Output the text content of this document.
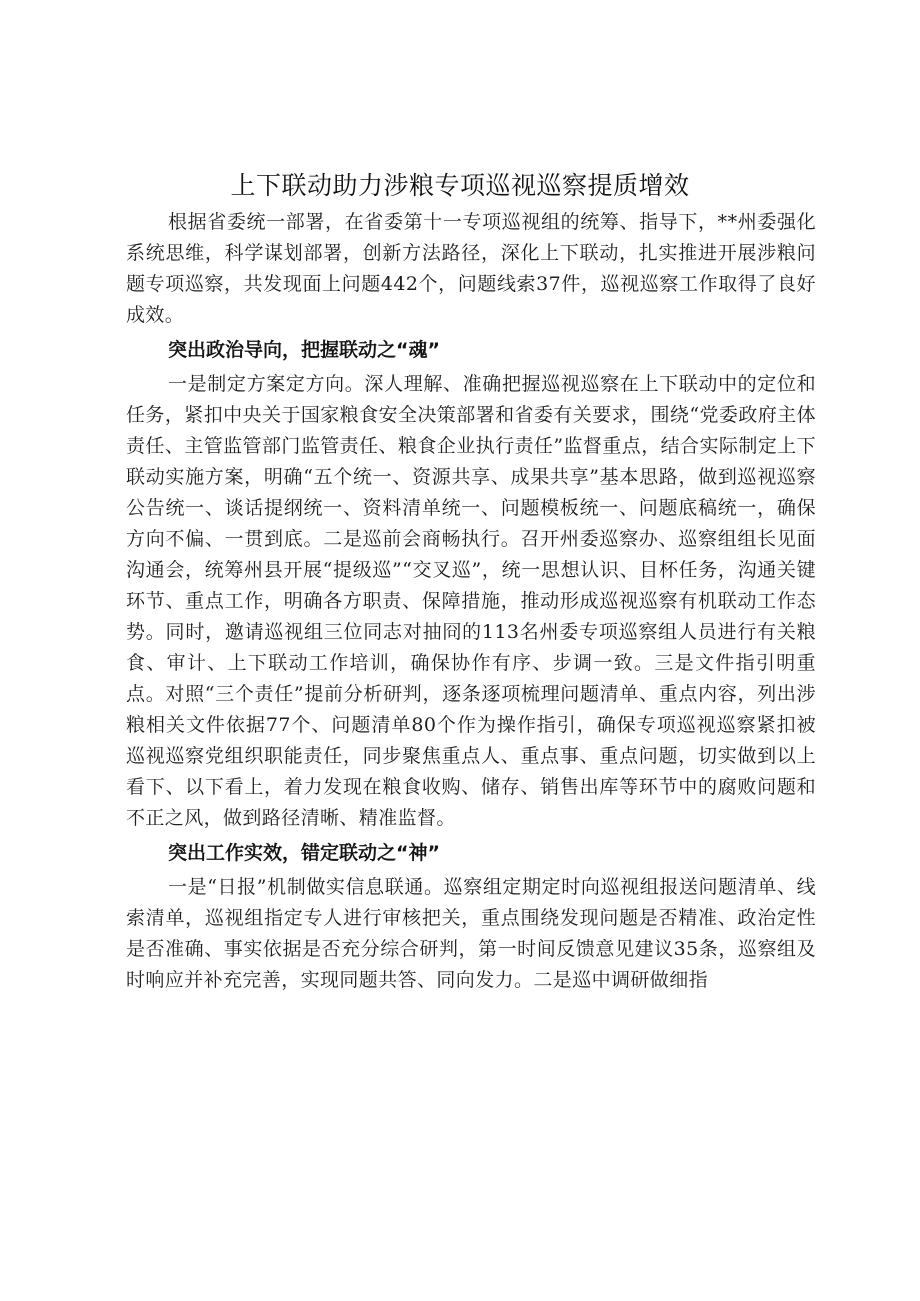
上下联动助力涉粮专项巡视巡察提质增效

根据省委统一部署，在省委第十一专项巡视组的统筹、指导下，**州委强化系统思维，科学谋划部署，创新方法路径，深化上下联动，扎实推进开展涉粮问题专项巡察，共发现面上问题442个，问题线索37件，巡视巡察工作取得了良好成效。

突出政治导向，把握联动之“魂”

一是制定方案定方向。深人理解、准确把握巡视巡察在上下联动中的定位和任务，紧扣中央关于国家粮食安全决策部署和省委有关要求，围绕“党委政府主体责任、主管监管部门监管责任、粮食企业执行责任”监督重点，结合实际制定上下联动实施方案，明确“五个统一、资源共享、成果共享”基本思路，做到巡视巡察公告统一、谈话提纲统一、资料清单统一、问题模板统一、问题底稿统一，确保方向不偏、一贯到底。二是巡前会商畅执行。召开州委巡察办、巡察组组长见面沟通会，统筹州县开展“提级巡”“交叉巡”，统一思想认识、目杯任务，沟通关键环节、重点工作，明确各方职责、保障措施，推动形成巡视巡察有机联动工作态势。同时，邀请巡视组三位同志对抽冏的113名州委专项巡察组人员进行有关粮食、审计、上下联动工作培训，确保协作有序、步调一致。三是文件指引明重点。对照“三个责任”提前分析研判，逐条逐项梳理问题清单、重点内容，列出涉粮相关文件依据77个、问题清单80个作为操作指引，确保专项巡视巡察紧扣被巡视巡察党组织职能责任，同步聚焦重点人、重点事、重点问题，切实做到以上看下、以下看上，着力发现在粮食收购、储存、销售出库等环节中的腐败问题和不正之风，做到路径清晰、精准监督。

突出工作实效，错定联动之“神”

一是“日报”机制做实信息联通。巡察组定期定时向巡视组报送问题清单、线索清单，巡视组指定专人进行审核把关，重点围绕发现问题是否精准、政治定性是否准确、事实依据是否充分综合研判，第一时间反馈意见建议35条，巡察组及时响应并补充完善，实现同题共答、同向发力。二是巡中调研做细指
